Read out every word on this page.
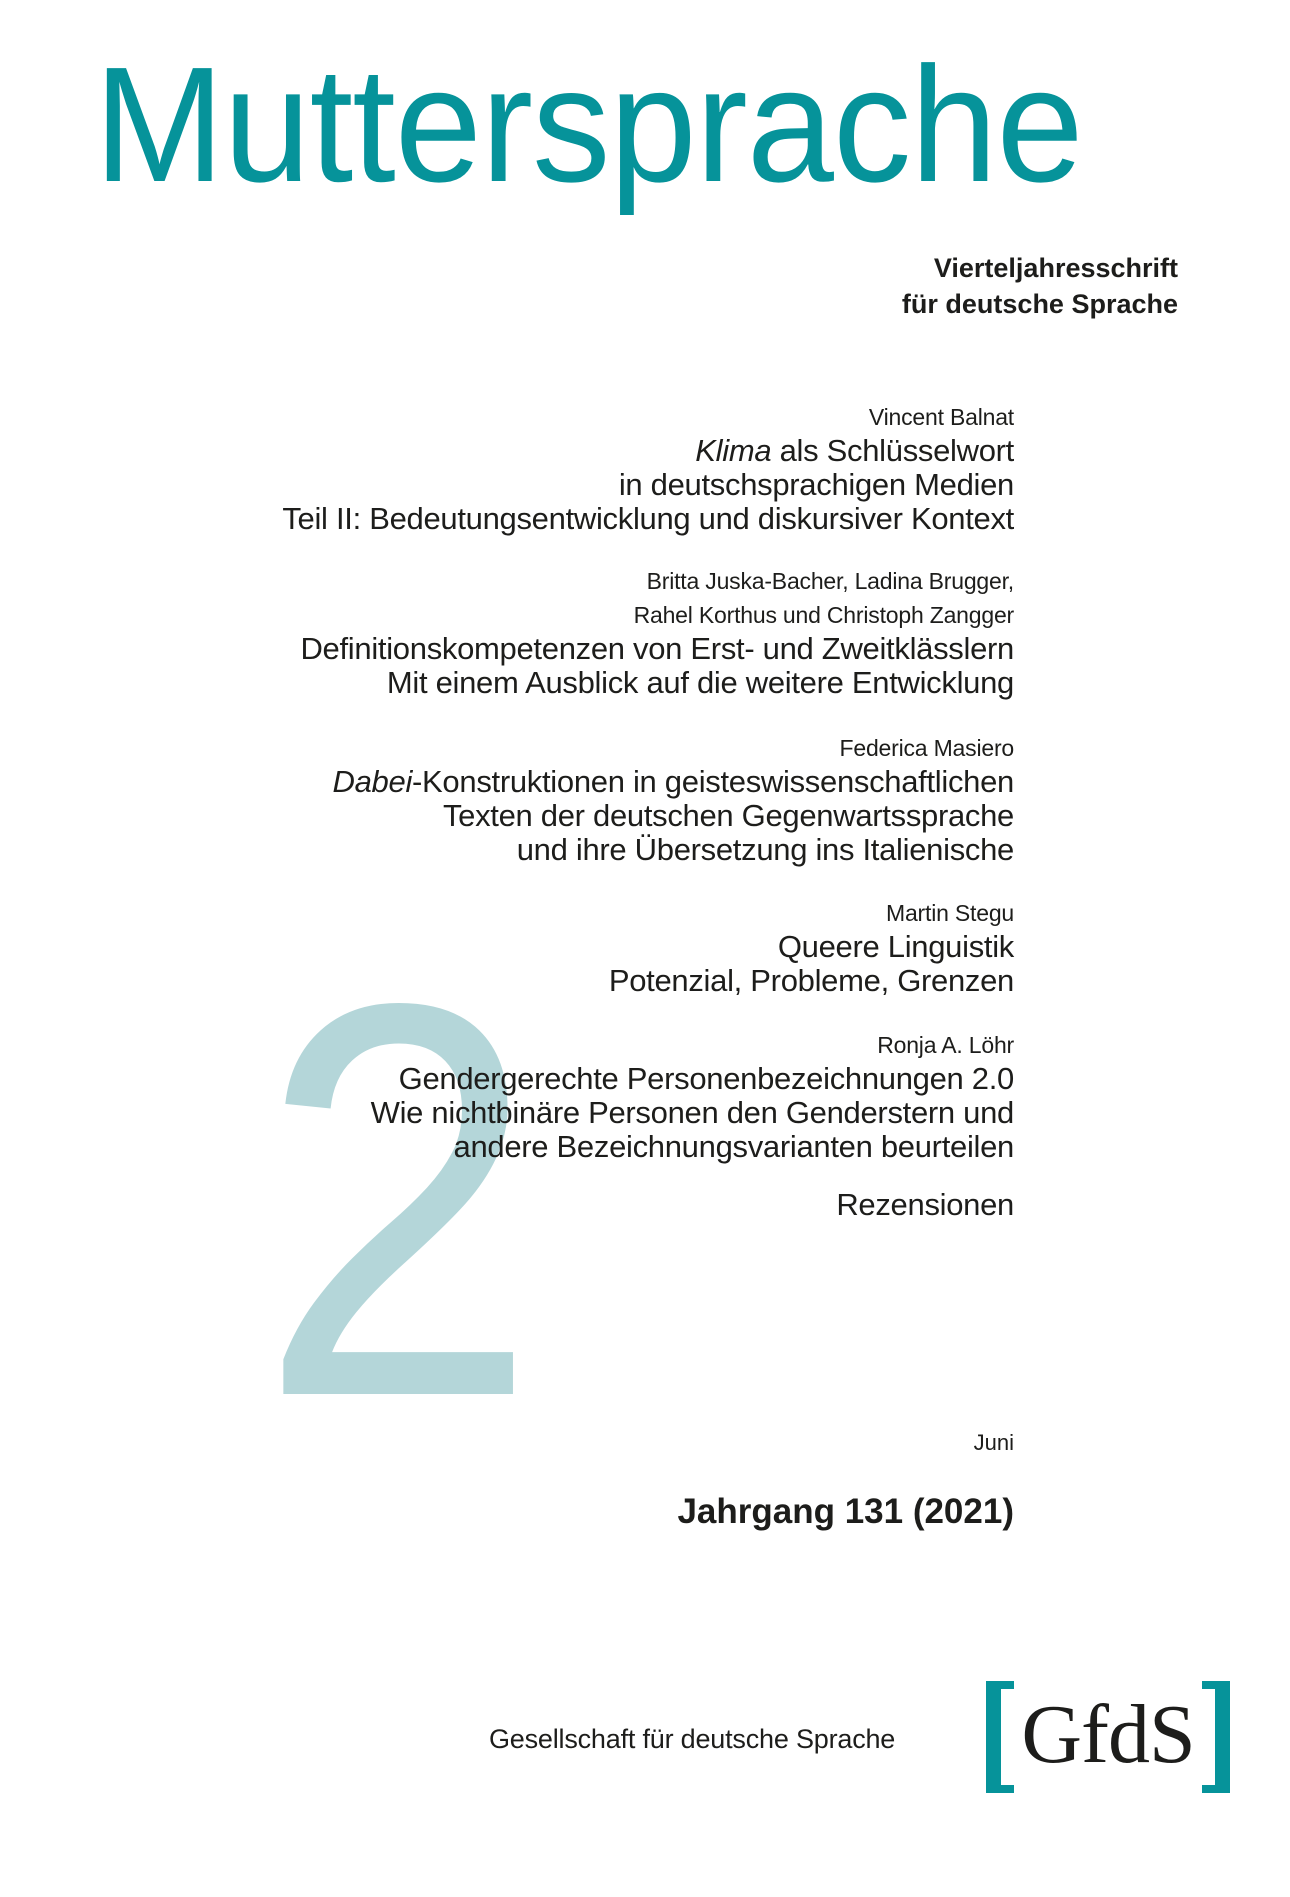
Muttersprache
Vierteljahresschrift
für deutsche Sprache
2
Vincent Balnat
Klima als Schlüsselwort
in deutschsprachigen Medien
Teil II: Bedeutungsentwicklung und diskursiver Kontext
Britta Juska-Bacher, Ladina Brugger,
Rahel Korthus und Christoph Zangger
Definitionskompetenzen von Erst- und Zweitklässlern
Mit einem Ausblick auf die weitere Entwicklung
Federica Masiero
Dabei-Konstruktionen in geisteswissenschaftlichen
Texten der deutschen Gegenwartssprache
und ihre Übersetzung ins Italienische
Martin Stegu
Queere Linguistik
Potenzial, Probleme, Grenzen
Ronja A. Löhr
Gendergerechte Personenbezeichnungen 2.0
Wie nichtbinäre Personen den Genderstern und
andere Bezeichnungsvarianten beurteilen
Rezensionen
Juni
Jahrgang 131 (2021)
Gesellschaft für deutsche Sprache GfdS
